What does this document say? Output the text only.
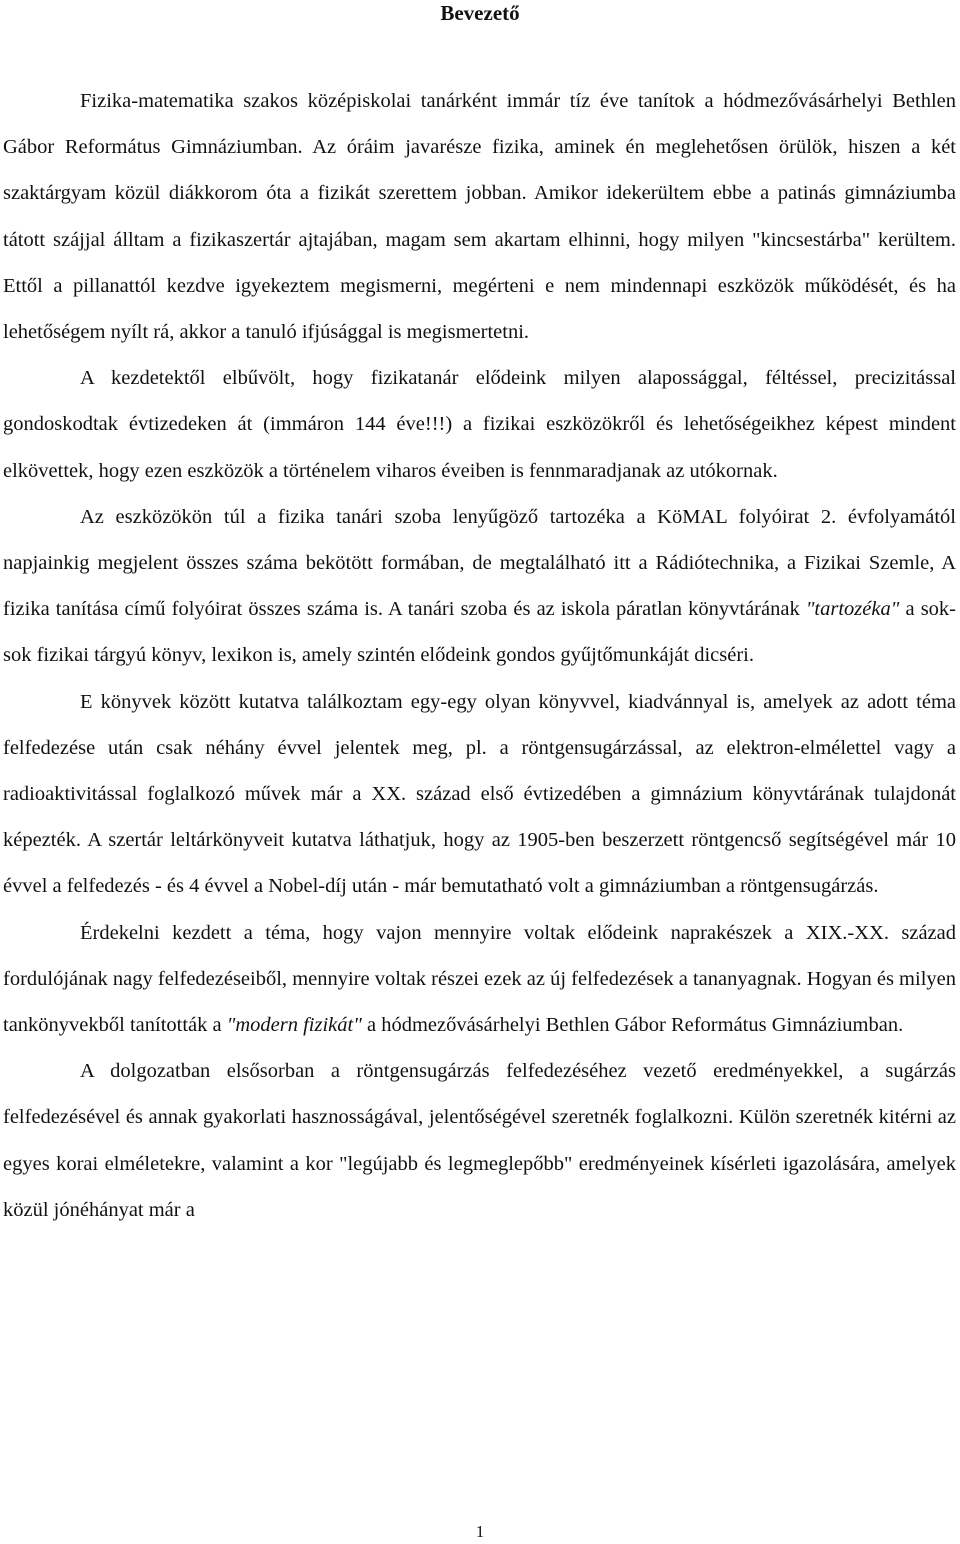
Bevezető

Fizika-matematika szakos középiskolai tanárként immár tíz éve tanítok a hódmezővásárhelyi Bethlen Gábor Református Gimnáziumban. Az óráim javarésze fizika, aminek én meglehetősen örülök, hiszen a két szaktárgyam közül diákkorom óta a fizikát szerettem jobban. Amikor idekerültem ebbe a patinás gimnáziumba tátott szájjal álltam a fizikaszertár ajtajában, magam sem akartam elhinni, hogy milyen "kincsestárba" kerültem. Ettől a pillanattól kezdve igyekeztem megismerni, megérteni e nem mindennapi eszközök működését, és ha lehetőségem nyílt rá, akkor a tanuló ifjúsággal is megismertetni.

A kezdetektől elbűvölt, hogy fizikatanár elődeink milyen alapossággal, féltéssel, precizitással gondoskodtak évtizedeken át (immáron 144 éve!!!) a fizikai eszközökről és lehetőségeikhez képest mindent elkövettek, hogy ezen eszközök a történelem viharos éveiben is fennmaradjanak az utókornak.

Az eszközökön túl a fizika tanári szoba lenyűgöző tartozéka a KöMAL folyóirat 2. évfolyamától napjainkig megjelent összes száma bekötött formában, de megtalálható itt a Rádiótechnika, a Fizikai Szemle, A fizika tanítása című folyóirat összes száma is. A tanári szoba és az iskola páratlan könyvtárának "tartozéka" a sok-sok fizikai tárgyú könyv, lexikon is, amely szintén elődeink gondos gyűjtőmunkáját dicséri.

E könyvek között kutatva találkoztam egy-egy olyan könyvvel, kiadvánnyal is, amelyek az adott téma felfedezése után csak néhány évvel jelentek meg, pl. a röntgensugárzással, az elektron-elmélettel vagy a radioaktivitással foglalkozó művek már a XX. század első évtizedében a gimnázium könyvtárának tulajdonát képezték. A szertár leltárkönyveit kutatva láthatjuk, hogy az 1905-ben beszerzett röntgencső segítségével már 10 évvel a felfedezés - és 4 évvel a Nobel-díj után - már bemutatható volt a gimnáziumban a röntgensugárzás.

Érdekelni kezdett a téma, hogy vajon mennyire voltak elődeink naprakészek a XIX.-XX. század fordulójának nagy felfedezéseiből, mennyire voltak részei ezek az új felfedezések a tananyagnak. Hogyan és milyen tankönyvekből tanították a "modern fizikát" a hódmezővásárhelyi Bethlen Gábor Református Gimnáziumban.

A dolgozatban elsősorban a röntgensugárzás felfedezéséhez vezető eredményekkel, a sugárzás felfedezésével és annak gyakorlati hasznosságával, jelentőségével szeretnék foglalkozni. Külön szeretnék kitérni az egyes korai elméletekre, valamint a kor "legújabb és legmeglepőbb" eredményeinek kísérleti igazolására, amelyek közül jónéhányat már a

1
